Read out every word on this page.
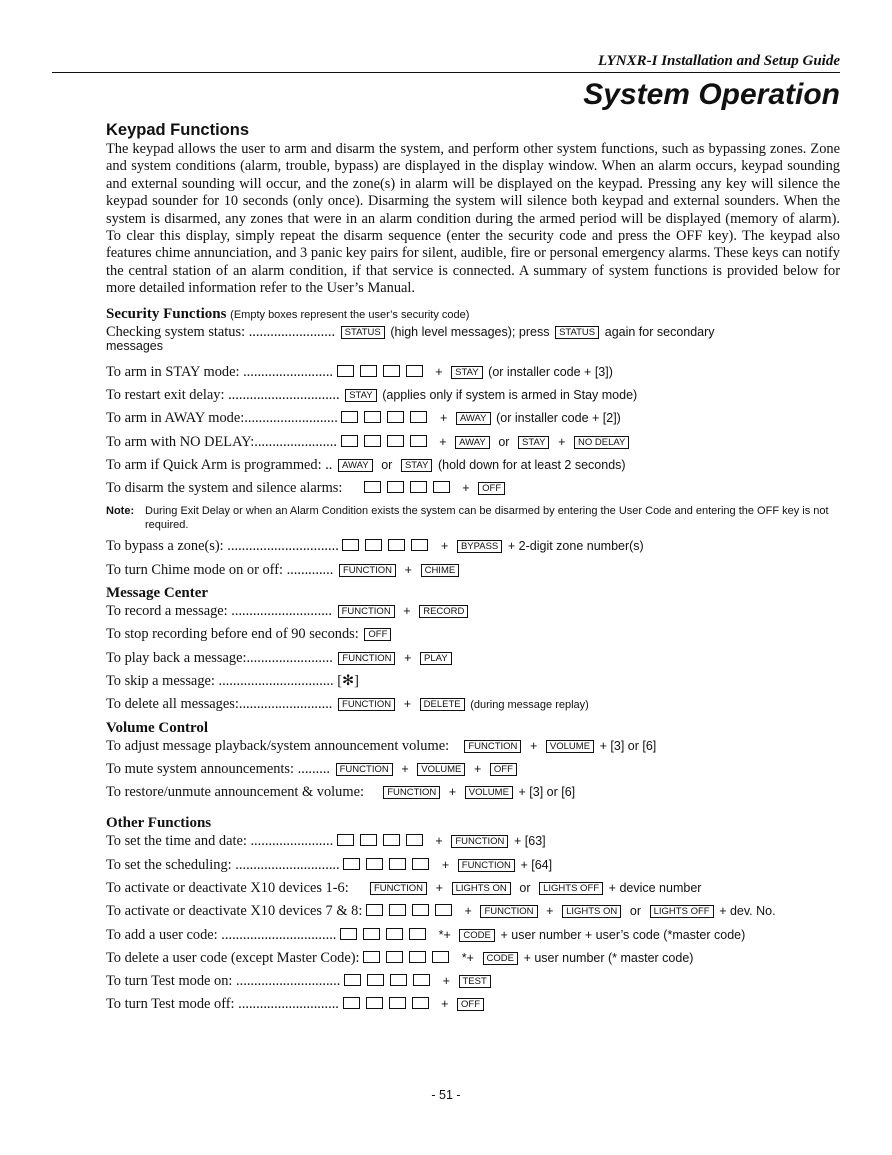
LYNXR-I Installation and Setup Guide
System Operation
Keypad Functions

The keypad allows the user to arm and disarm the system, and perform other system functions, such as bypassing zones. Zone and system conditions (alarm, trouble, bypass) are displayed in the display window. When an alarm occurs, keypad sounding and external sounding will occur, and the zone(s) in alarm will be displayed on the keypad. Pressing any key will silence the keypad sounder for 10 seconds (only once). Disarming the system will silence both keypad and external sounders. When the system is disarmed, any zones that were in an alarm condition during the armed period will be displayed (memory of alarm). To clear this display, simply repeat the disarm sequence (enter the security code and press the OFF key). The keypad also features chime annunciation, and 3 panic key pairs for silent, audible, fire or personal emergency alarms. These keys can notify the central station of an alarm condition, if that service is connected. A summary of system functions is provided below for more detailed information refer to the User’s Manual.

Security Functions (Empty boxes represent the user’s security code)
Checking system status: ........................ STATUS (high level messages); press STATUS again for secondary
messages
To arm in STAY mode: .........................	+ STAY (or installer code + [3])
To restart exit delay: ............................... STAY (applies only if system is armed in Stay mode)
To arm in AWAY mode:..........................	+ AWAY (or installer code + [2])
To arm with NO DELAY:.......................	+ AWAY or STAY + NO DELAY
To arm if Quick Arm is programmed: .. AWAY or STAY (hold down for at least 2 seconds)
To disarm the system and silence alarms:	+ OFF
Note: During Exit Delay or when an Alarm Condition exists the system can be disarmed by entering the User Code and entering the OFF key is not required.
To bypass a zone(s): ...............................	+ BYPASS + 2-digit zone number(s)
To turn Chime mode on or off: ............. FUNCTION + CHIME
Message Center
To record a message: ............................ FUNCTION + RECORD
To stop recording before end of 90 seconds: OFF
To play back a message:........................ FUNCTION + PLAY
To skip a message: ................................ [✻]
To delete all messages:.......................... FUNCTION + DELETE (during message replay)
Volume Control
To adjust message playback/system announcement volume: FUNCTION + VOLUME + [3] or [6]
To mute system announcements: ......... FUNCTION + VOLUME + OFF
To restore/unmute announcement & volume: FUNCTION + VOLUME + [3] or [6]
Other Functions
To set the time and date: .......................	+ FUNCTION + [63]
To set the scheduling: .............................	+ FUNCTION + [64]
To activate or deactivate X10 devices 1-6:	FUNCTION + LIGHTS ON or LIGHTS OFF + device number
To activate or deactivate X10 devices 7 & 8:	+ FUNCTION + LIGHTS ON or LIGHTS OFF + dev. No.
To add a user code: ................................	*+ CODE + user number + user’s code (*master code)
To delete a user code (except Master Code):	*+ CODE + user number (* master code)
To turn Test mode on: .............................	+ TEST
To turn Test mode off: ............................	+ OFF
- 51 -
